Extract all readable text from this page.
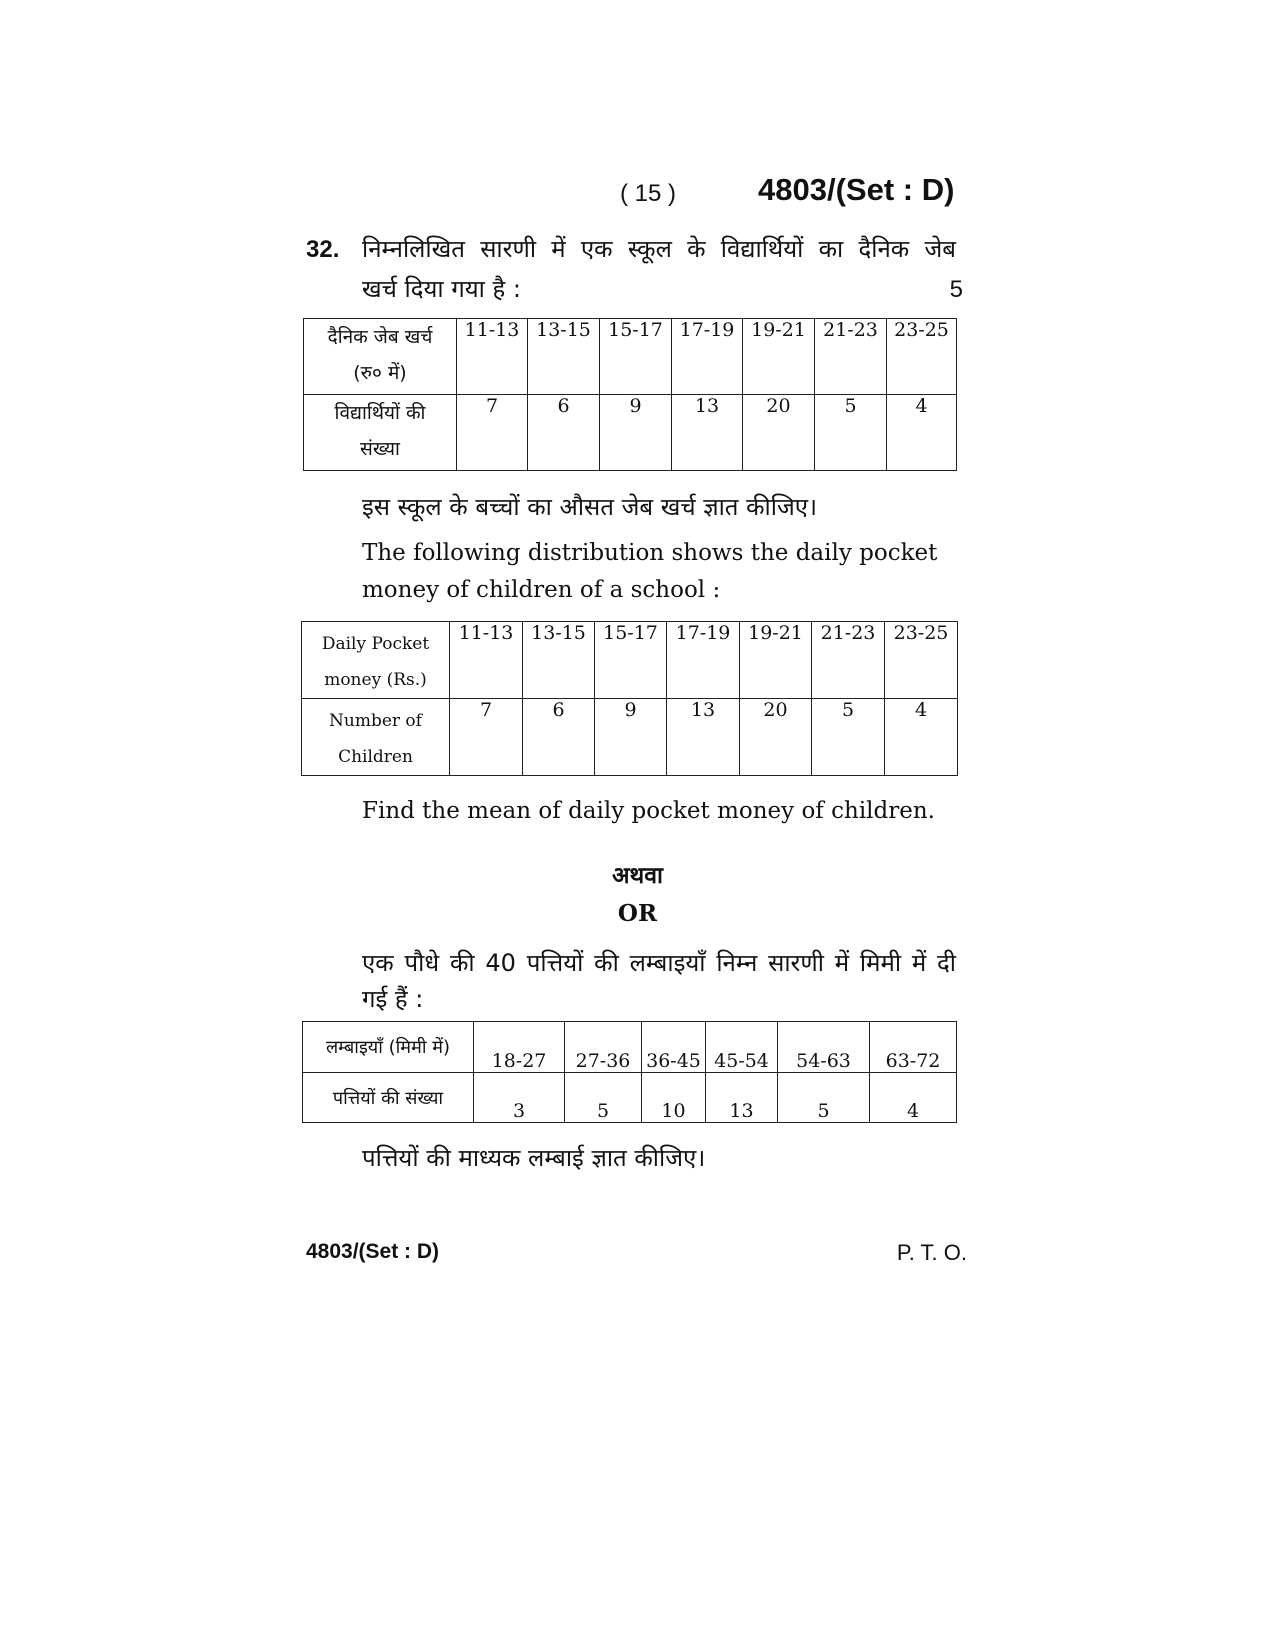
( 15 )	4803/(Set : D)
32. निम्नलिखित सारणी में एक स्कूल के विद्यार्थियों का दैनिक जेब
खर्च दिया गया है :	5
दैनिक जेब खर्च
(रु० में)	11-13	13-15	15-17	17-19	19-21	21-23	23-25
विद्यार्थियों की
संख्या	7	6	9	13	20	5	4
इस स्कूल के बच्चों का औसत जेब खर्च ज्ञात कीजिए।
The following distribution shows the daily pocket
money of children of a school :
Daily Pocket
money (Rs.)	11-13	13-15	15-17	17-19	19-21	21-23	23-25
Number of
Children	7	6	9	13	20	5	4
Find the mean of daily pocket money of children.
अथवा
OR
एक पौधे की 40 पत्तियों की लम्बाइयाँ निम्न सारणी में मिमी में दी
गई हैं :
लम्बाइयाँ (मिमी में)	18-27	27-36	36-45	45-54	54-63	63-72
पत्तियों की संख्या	3	5	10	13	5	4
पत्तियों की माध्यक लम्बाई ज्ञात कीजिए।
4803/(Set : D)	P. T. O.
